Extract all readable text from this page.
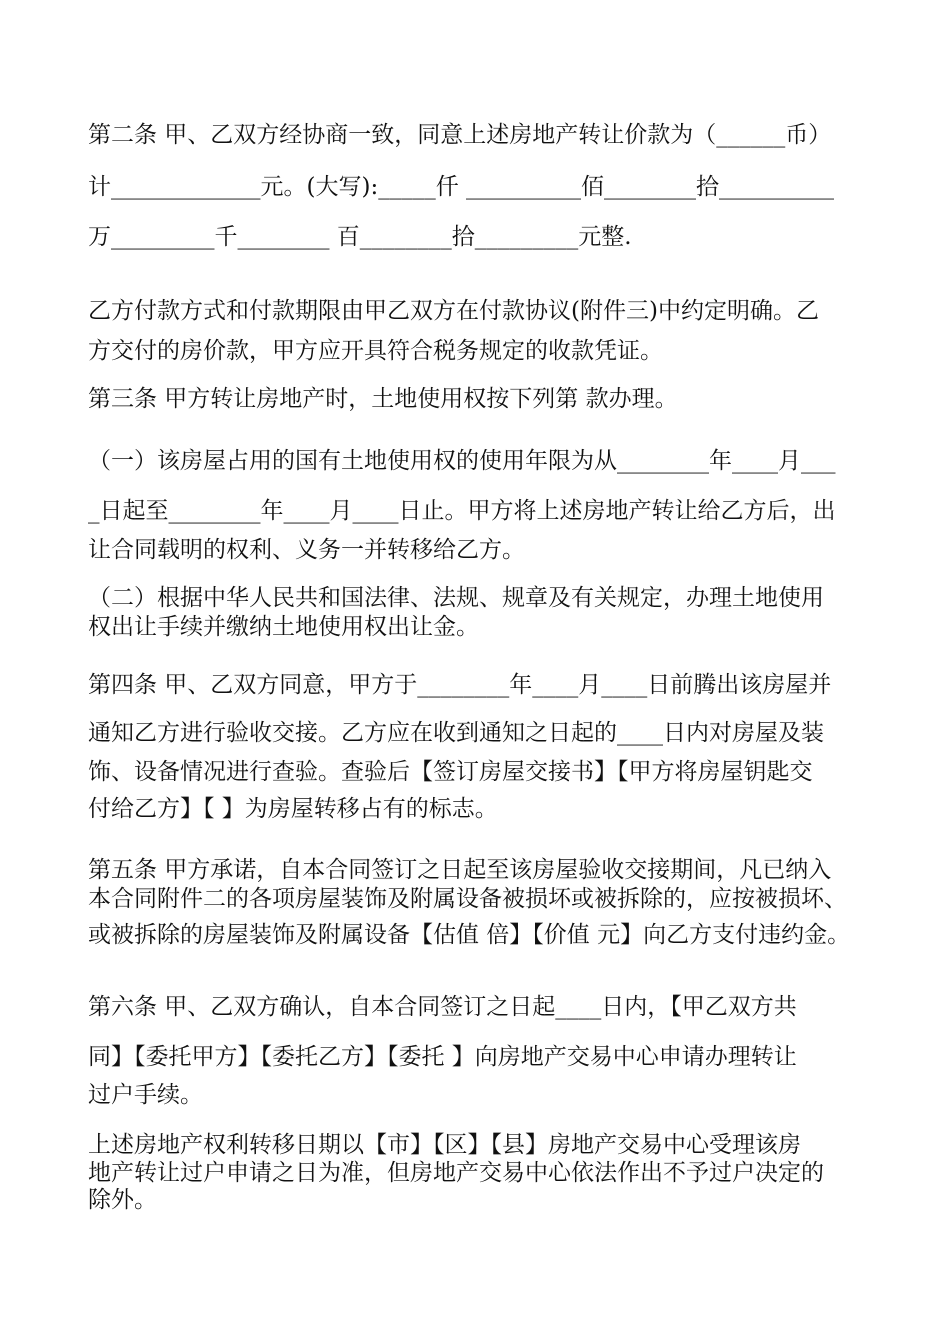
第二条 甲、乙双方经协商一致，同意上述房地产转让价款为（______币）
计_____________元。(大写):_____仟 __________佰________拾__________
万_________千________ 百________拾_________元整.
乙方付款方式和付款期限由甲乙双方在付款协议(附件三)中约定明确。乙
方交付的房价款，甲方应开具符合税务规定的收款凭证。
第三条 甲方转让房地产时，土地使用权按下列第 款办理。
（一）该房屋占用的国有土地使用权的使用年限为从________年____月___
_日起至________年____月____日止。甲方将上述房地产转让给乙方后，出
让合同载明的权利、义务一并转移给乙方。
（二）根据中华人民共和国法律、法规、规章及有关规定，办理土地使用
权出让手续并缴纳土地使用权出让金。
第四条 甲、乙双方同意，甲方于________年____月____日前腾出该房屋并
通知乙方进行验收交接。乙方应在收到通知之日起的____日内对房屋及装
饰、设备情况进行查验。查验后【签订房屋交接书】【甲方将房屋钥匙交
付给乙方】【 】为房屋转移占有的标志。
第五条 甲方承诺，自本合同签订之日起至该房屋验收交接期间，凡已纳入
本合同附件二的各项房屋装饰及附属设备被损坏或被拆除的，应按被损坏、
或被拆除的房屋装饰及附属设备【估值 倍】【价值 元】向乙方支付违约金。
第六条 甲、乙双方确认，自本合同签订之日起____日内，【甲乙双方共
同】【委托甲方】【委托乙方】【委托 】向房地产交易中心申请办理转让
过户手续。
上述房地产权利转移日期以【市】【区】【县】房地产交易中心受理该房
地产转让过户申请之日为准，但房地产交易中心依法作出不予过户决定的
除外。
